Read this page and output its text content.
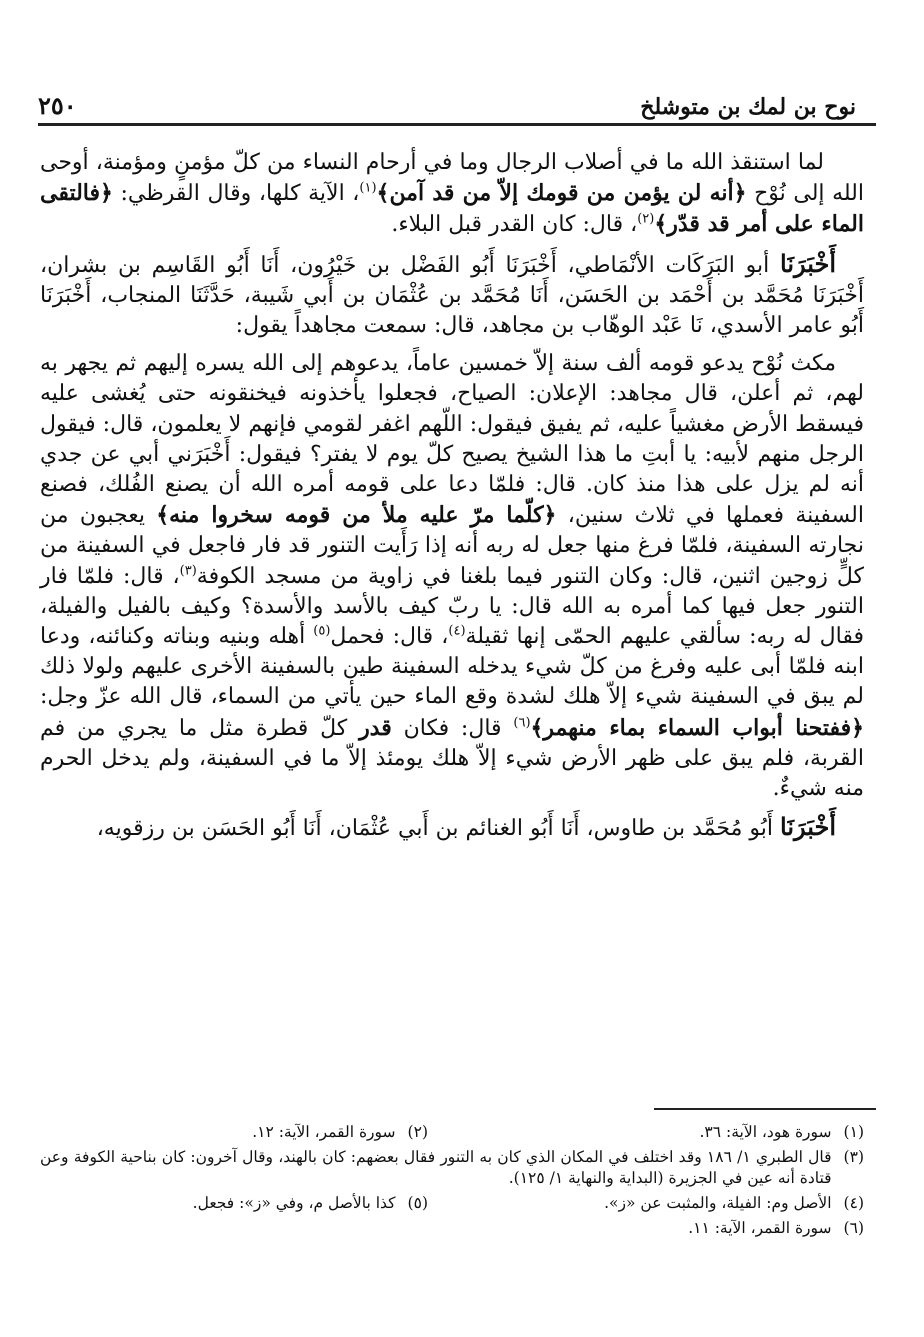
نوح بن لمك بن متوشلخ
٢٥٠

لما استنقذ الله ما في أصلاب الرجال وما في أرحام النساء من كلّ مؤمنٍ ومؤمنة، أوحى الله إلى نُوْح ﴿أنه لن يؤمن من قومك إلاّ من قد آمن﴾$^{(١)}$، الآية كلها، وقال القرظي: ﴿فالتقى الماء على أمر قد قدّر﴾$^{(٢)}$، قال: كان القدر قبل البلاء.

أَخْبَرَنَا أبو البَرَكَات الأنْمَاطي، أَخْبَرَنَا أَبُو الفَضْل بن خَيْرُون، أَنَا أَبُو القَاسِم بن بشران، أَخْبَرَنَا مُحَمَّد بن أَحْمَد بن الحَسَن، أَنَا مُحَمَّد بن عُثْمَان بن أَبي شَيبة، حَدَّثَنَا المنجاب، أَخْبَرَنَا أَبُو عامر الأسدي، نَا عَبْد الوهّاب بن مجاهد، قال: سمعت مجاهداً يقول:

مكث نُوْح يدعو قومه ألف سنة إلاّ خمسين عاماً، يدعوهم إلى الله يسره إليهم ثم يجهر به لهم، ثم أعلن، قال مجاهد: الإعلان: الصياح، فجعلوا يأخذونه فيخنقونه حتى يُغشى عليه فيسقط الأرض مغشياً عليه، ثم يفيق فيقول: اللّهم اغفر لقومي فإنهم لا يعلمون، قال: فيقول الرجل منهم لأبيه: يا أبتِ ما هذا الشيخ يصيح كلّ يوم لا يفتر؟ فيقول: أَخْبَرَني أبي عن جدي أنه لم يزل على هذا منذ كان. قال: فلمّا دعا على قومه أمره الله أن يصنع الفُلك، فصنع السفينة فعملها في ثلاث سنين، ﴿كلّما مرّ عليه ملأ من قومه سخروا منه﴾ يعجبون من نجارته السفينة، فلمّا فرغ منها جعل له ربه أنه إذا رَأَيت التنور قد فار فاجعل في السفينة من كلٍّ زوجين اثنين، قال: وكان التنور فيما بلغنا في زاوية من مسجد الكوفة$^{(٣)}$، قال: فلمّا فار التنور جعل فيها كما أمره به الله قال: يا ربّ كيف بالأسد والأسدة؟ وكيف بالفيل والفيلة، فقال له ربه: سألقي عليهم الحمّى إنها ثقيلة$^{(٤)}$، قال: فحمل$^{(٥)}$ أهله وبنيه وبناته وكنائنه، ودعا ابنه فلمّا أبى عليه وفرغ من كلّ شيء يدخله السفينة طين بالسفينة الأخرى عليهم ولولا ذلك لم يبق في السفينة شيء إلاّ هلك لشدة وقع الماء حين يأتي من السماء، قال الله عزّ وجل: ﴿ففتحنا أبواب السماء بماء منهمر﴾$^{(٦)}$ قال: فكان قدر كلّ قطرة مثل ما يجري من فم القربة، فلم يبق على ظهر الأرض شيء إلاّ هلك يومئذ إلاّ ما في السفينة، ولم يدخل الحرم منه شيءٌ.

أَخْبَرَنَا أَبُو مُحَمَّد بن طاوس، أَنَا أَبُو الغنائم بن أَبي عُثْمَان، أَنَا أَبُو الحَسَن بن رزقويه،

(١)
سورة هود، الآية: ٣٦.
(٢)
سورة القمر، الآية: ١٢.
(٣)
قال الطبري ١/ ١٨٦ وقد اختلف في المكان الذي كان به التنور فقال بعضهم: كان بالهند، وقال آخرون: كان بناحية الكوفة وعن قتادة أنه عين في الجزيرة (البداية والنهاية ١/ ١٢٥).
(٤)
الأصل وم: الفيلة، والمثبت عن «ز».
(٥)
كذا بالأصل م، وفي «ز»: فجعل.
(٦)
سورة القمر، الآية: ١١.
